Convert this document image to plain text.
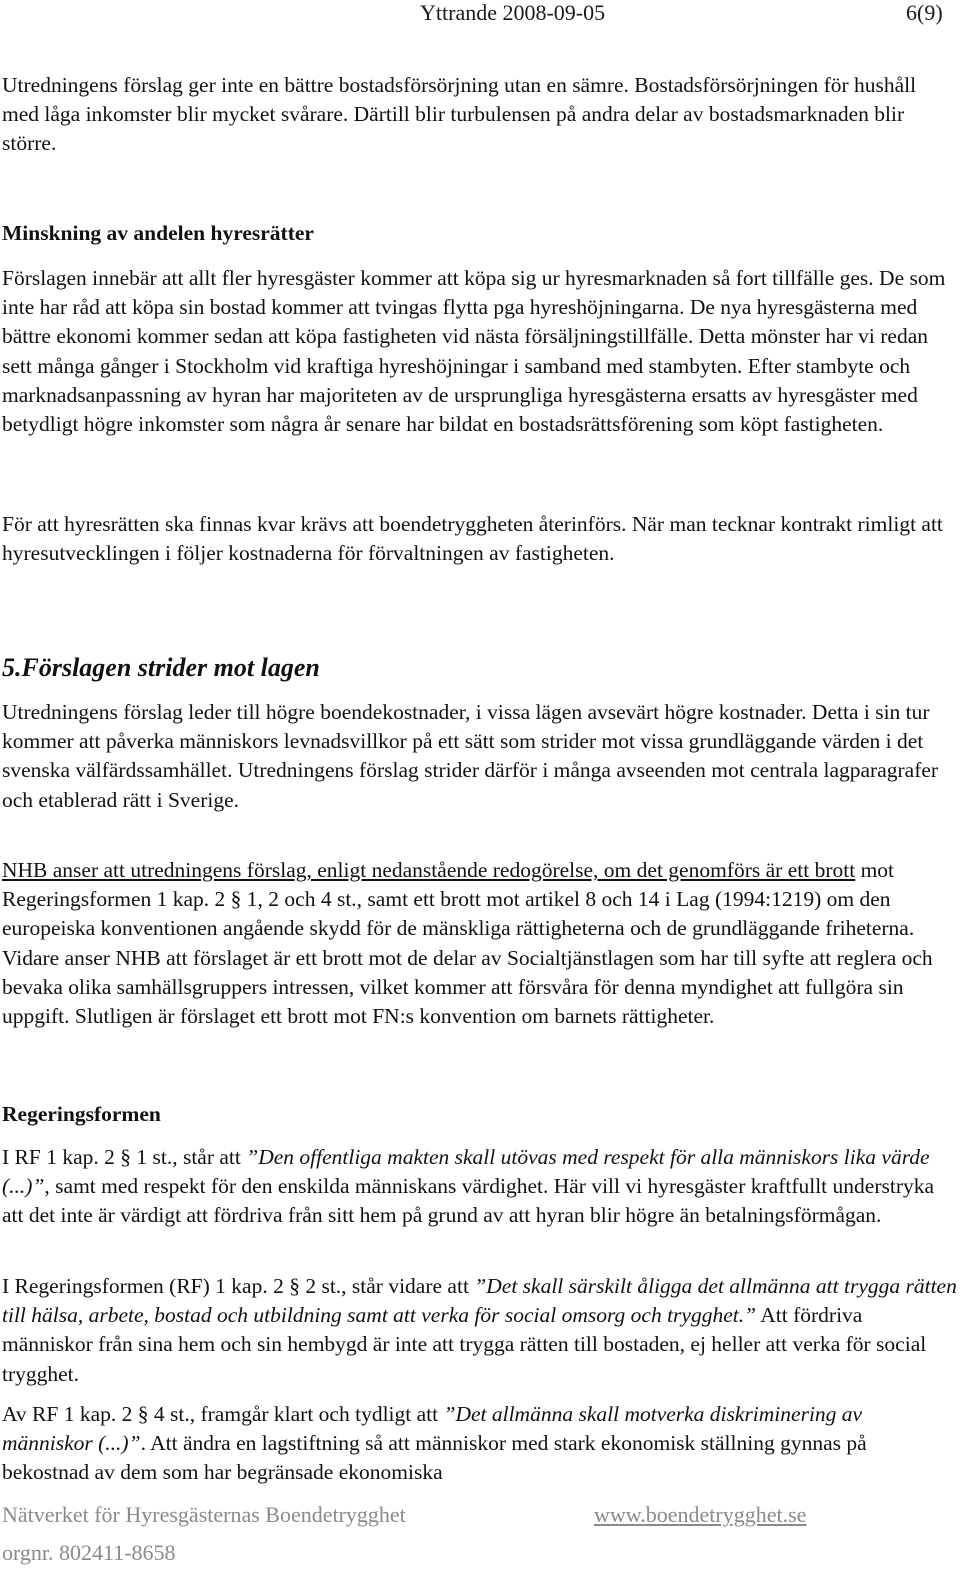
Yttrande 2008-09-05	6(9)

Utredningens förslag ger inte en bättre bostadsförsörjning utan en sämre. Bostadsförsörjningen för hushåll med låga inkomster blir mycket svårare. Därtill blir turbulensen på andra delar av bostadsmarknaden blir större.

Minskning av andelen hyresrätter

Förslagen innebär att allt fler hyresgäster kommer att köpa sig ur hyresmarknaden så fort tillfälle ges. De som inte har råd att köpa sin bostad kommer att tvingas flytta pga hyreshöjningarna. De nya hyresgästerna med bättre ekonomi kommer sedan att köpa fastigheten vid nästa försäljningstillfälle. Detta mönster har vi redan sett många gånger i Stockholm vid kraftiga hyreshöjningar i samband med stambyten. Efter stambyte och marknadsanpassning av hyran har majoriteten av de ursprungliga hyresgästerna ersatts av hyresgäster med betydligt högre inkomster som några år senare har bildat en bostadsrättsförening som köpt fastigheten.

För att hyresrätten ska finnas kvar krävs att boendetryggheten återinförs. När man tecknar kontrakt rimligt att hyresutvecklingen i följer kostnaderna för förvaltningen av fastigheten.

5.Förslagen strider mot lagen

Utredningens förslag leder till högre boendekostnader, i vissa lägen avsevärt högre kostnader. Detta i sin tur kommer att påverka människors levnadsvillkor på ett sätt som strider mot vissa grundläggande värden i det svenska välfärdssamhället. Utredningens förslag strider därför i många avseenden mot centrala lagparagrafer och etablerad rätt i Sverige.

NHB anser att utredningens förslag, enligt nedanstående redogörelse, om det genomförs är ett brott mot Regeringsformen 1 kap. 2 § 1, 2 och 4 st., samt ett brott mot artikel 8 och 14 i Lag (1994:1219) om den europeiska konventionen angående skydd för de mänskliga rättigheterna och de grundläggande friheterna. Vidare anser NHB att förslaget är ett brott mot de delar av Socialtjänstlagen som har till syfte att reglera och bevaka olika samhällsgruppers intressen, vilket kommer att försvåra för denna myndighet att fullgöra sin uppgift. Slutligen är förslaget ett brott mot FN:s konvention om barnets rättigheter.

Regeringsformen

I RF 1 kap. 2 § 1 st., står att ”Den offentliga makten skall utövas med respekt för alla människors lika värde (...)”, samt med respekt för den enskilda människans värdighet. Här vill vi hyresgäster kraftfullt understryka att det inte är värdigt att fördriva från sitt hem på grund av att hyran blir högre än betalningsförmågan.

I Regeringsformen (RF) 1 kap. 2 § 2 st., står vidare att ”Det skall särskilt åligga det allmänna att trygga rätten till hälsa, arbete, bostad och utbildning samt att verka för social omsorg och trygghet.” Att fördriva människor från sina hem och sin hembygd är inte att trygga rätten till bostaden, ej heller att verka för social trygghet.

Av RF 1 kap. 2 § 4 st., framgår klart och tydligt att ”Det allmänna skall motverka diskriminering av människor (...)”. Att ändra en lagstiftning så att människor med stark ekonomisk ställning gynnas på bekostnad av dem som har begränsade ekonomiska

Nätverket för Hyresgästernas Boendetrygghet	www.boendetrygghet.se
orgnr. 802411-8658
